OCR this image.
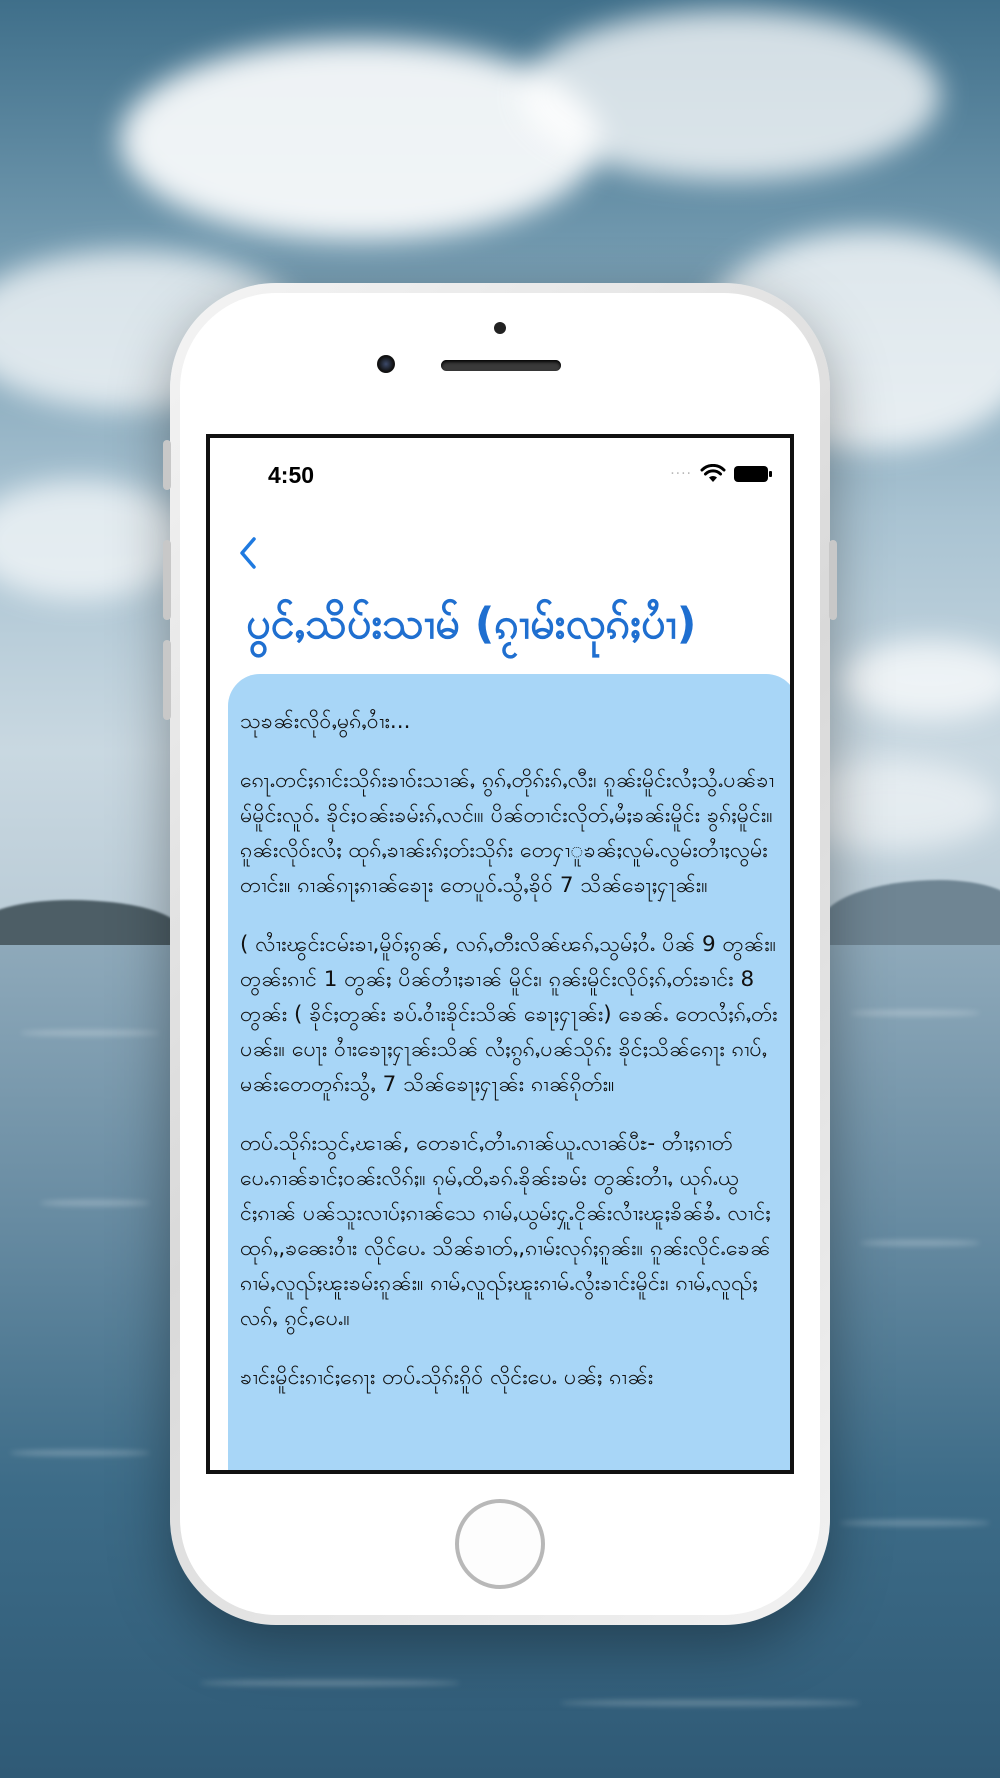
4:50	····
ပွင်ႇသိပ်းသၢမ် (ၵႂၢမ်းလုၵ်ႈပၢႆ)

သုၶၼ်းလိုဝ်ႇမွၵ်ႇဝၢႆး...

ၵေႃႉတင်ႈၵၢင်းသိုၵ်းၶၢဝ်းသၢၼ်ႇ ၵွၵ်ႇတိုၵ်းၵ်ႇလီး၊ ၵူၼ်းမိူင်းလႆႈသွႆႉပၼ်ၶၢမ်မိူင်းလူဝ်ႉ ၶိုင်ႈဝၼ်းၶမ်းၵ်ႇလင်၊။ ပိၼ်တၢင်းလိုတ်ႇမႆႈၶၼ်းမိူင်း ၶွၵ်ႈမိူင်း။ ၵူၼ်းလိုဝ်းလႆႈ ထုၵ်ႇၶၢၼ်းၵ်ႈတ်းသိုၵ်း တေႁၢူၶၼ်ႈလူမ်ႉလွမ်းတၢႆႈလွမ်းတၢင်း။ ၵၢၼ်ၵႃႈၵၢၼ်ၶေႃး တေပူဝ်ႉသွႆႇၶိုဝ် 7 သိၼ်ၶေႃႈႁႃၼ်း။

( လၢႆးၽွင်းငမ်းၶၢ,မိူဝ်ႈၵွၼ်, လၵ်ႇတီးလိၼ်ၽၵ်ႇသွမ်ႈဝႆႉ ပိၼ် 9 တွၼ်း။ တွၼ်းၵၢင် 1 တွၼ်ႈ ပိၼ်တၢႆႈၶၢၼ် မိူင်း၊ ၵူၼ်းမိူင်းလိုဝ်ႈၵ်ႇတ်းၶၢင်း 8 တွၼ်း ( ၶိုင်ႈတွၼ်း ၶပ်ႉဝၢႆးၶိုင်းသိၼ် ၶေႃႈႁႃၼ်း) ၶေၼ်ႉ တေလႆႈၵ်ႇတ်းပၼ်း။ ပေႃး ဝၢႆးၶေႃႈႁႃၼ်းသိၼ် လႆႈၵွၵ်ႇပၼ်သိုၵ်း ၶိုင်ႈသိၼ်ၵေႃး ၵၢပ်ႇမၼ်းတေတူၵ်းသွႆႇ 7 သိၼ်ၶေႃႈႁႃၼ်း ၵၢၼ်ၵိုတ်း။

တပ်ႉသိုၵ်းသွင်ႇၽၢၼ်, တေၶၢင်ႇတၢႆႉၵၢၼ်ယူႉလၢၼ်ပီႊ- တၢႆႈၵၢတ်ပေႉၵၢၼ်ၶၢင်ႈဝၼ်းလိၵ်ႈ။ ၵုမ်ႇထိႇၶၵ်ႉၶိုၼ်းၶမ်း တွၼ်းတၢႆႇ ယုၵ်ႉယွင်ႈၵၢၼ် ပၼ်သူးလၢပ်ႈၵၢၼ်သေ ၵၢမ်ႇယွမ်းႁူႉငိုၼ်းလၢႆးၽူႈၶိၼ်ၶႆႉ လၢင်ႈထုၵ်ႇ,ၶၼေးဝၢႆး လိုင်ပေႉ သိၼ်ၶၢတ်ႇ,ၵၢမ်းလုၵ်ႈၵူၼ်း။ ၵူၼ်းလိုင်ႉၶေၼ် ၵၢမ်ႇလူၺ်ႈၽူးၶမ်းၵူၼ်း။ ၵၢမ်ႇလူၺ်ႈၽူးၵၢမ်ႉလွႆးၶၢင်းမိူင်း၊ ၵၢမ်ႇလူၺ်ႈလၵ်ႇ ၵွင်ႇပေႉ။

ၶၢင်းမိူင်းၵၢင်ႈၵေႃး တပ်ႉသိုၵ်းၵိူဝ် လိုင်းပေႉ ပၼ်ႈ ၵၢၼ်း
